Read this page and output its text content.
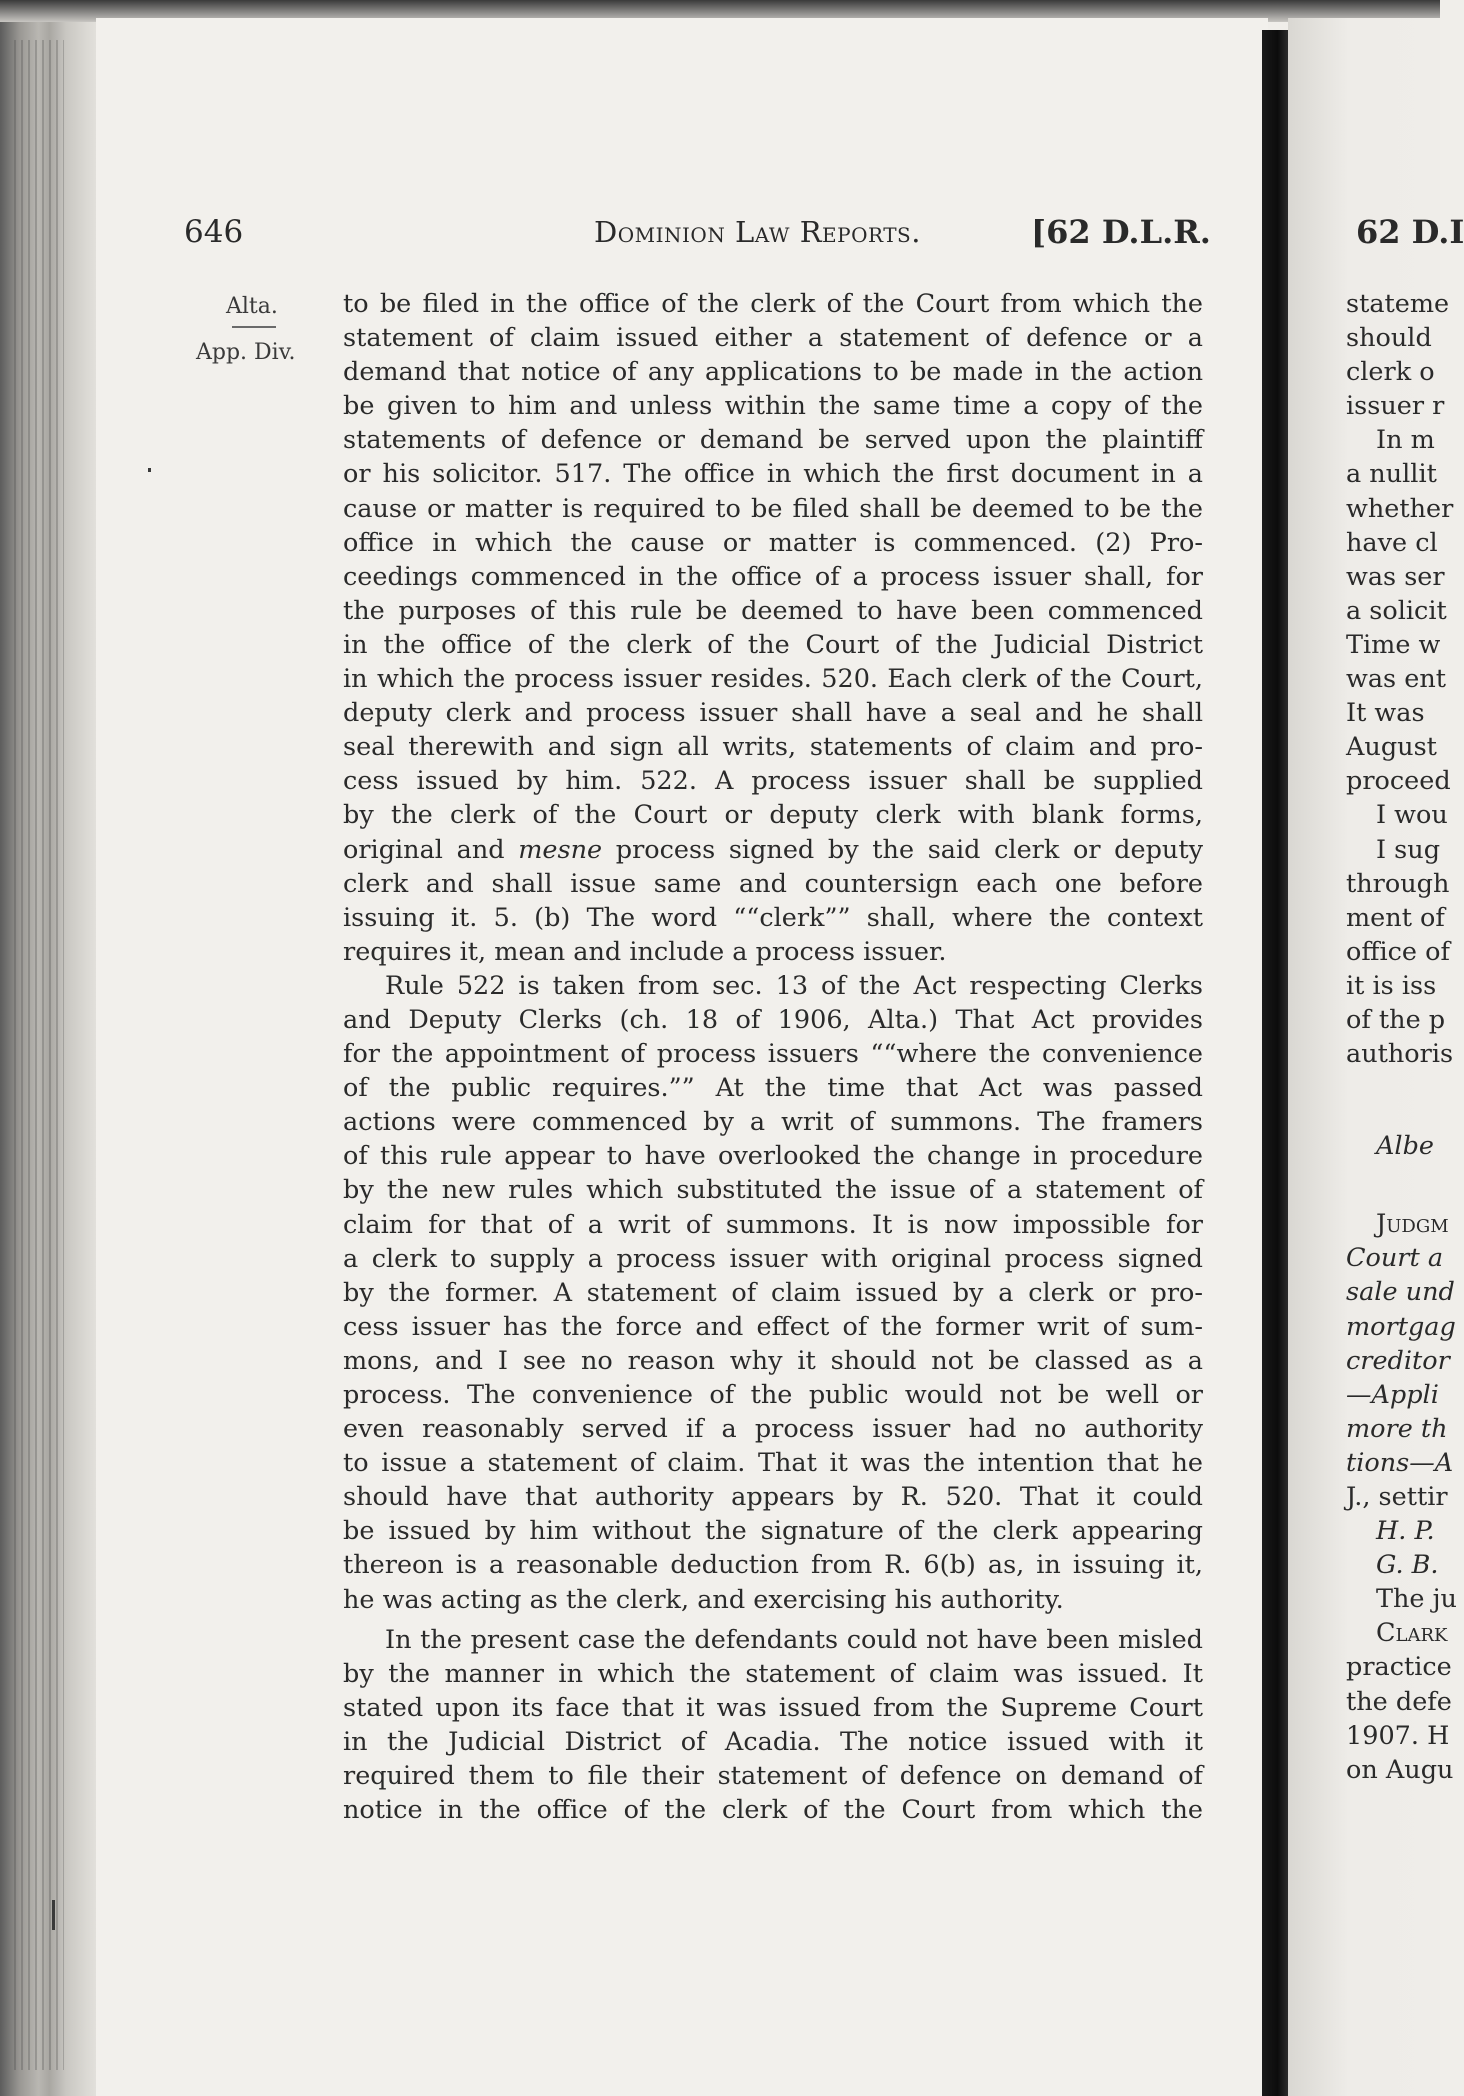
646	Dominion Law Reports.	[62 D.L.R.	62 D.I
Alta.
App. Div.
to be filed in the office of the clerk of the Court from which the
statement of claim issued either a statement of defence or a
demand that notice of any applications to be made in the action
be given to him and unless within the same time a copy of the
statements of defence or demand be served upon the plaintiff
or his solicitor. 517. The office in which the first document in a
cause or matter is required to be filed shall be deemed to be the
office in which the cause or matter is commenced. (2) Pro-
ceedings commenced in the office of a process issuer shall, for
the purposes of this rule be deemed to have been commenced
in the office of the clerk of the Court of the Judicial District
in which the process issuer resides. 520. Each clerk of the Court,
deputy clerk and process issuer shall have a seal and he shall
seal therewith and sign all writs, statements of claim and pro-
cess issued by him. 522. A process issuer shall be supplied
by the clerk of the Court or deputy clerk with blank forms,
original and mesne process signed by the said clerk or deputy
clerk and shall issue same and countersign each one before
issuing it. 5. (b) The word ““clerk”” shall, where the context
requires it, mean and include a process issuer.
Rule 522 is taken from sec. 13 of the Act respecting Clerks
and Deputy Clerks (ch. 18 of 1906, Alta.) That Act provides
for the appointment of process issuers ““where the convenience
of the public requires.”” At the time that Act was passed
actions were commenced by a writ of summons. The framers
of this rule appear to have overlooked the change in procedure
by the new rules which substituted the issue of a statement of
claim for that of a writ of summons. It is now impossible for
a clerk to supply a process issuer with original process signed
by the former. A statement of claim issued by a clerk or pro-
cess issuer has the force and effect of the former writ of sum-
mons, and I see no reason why it should not be classed as a
process. The convenience of the public would not be well or
even reasonably served if a process issuer had no authority
to issue a statement of claim. That it was the intention that he
should have that authority appears by R. 520. That it could
be issued by him without the signature of the clerk appearing
thereon is a reasonable deduction from R. 6(b) as, in issuing it,
he was acting as the clerk, and exercising his authority.
In the present case the defendants could not have been misled
by the manner in which the statement of claim was issued. It
stated upon its face that it was issued from the Supreme Court
in the Judicial District of Acadia. The notice issued with it
required them to file their statement of defence on demand of
notice in the office of the clerk of the Court from which the
stateme
should
clerk o
issuer r
In m
a nullit
whether
have cl
was ser
a solicit
Time w
was ent
It was
August
proceed
I wou
I sug
through
ment of
office of
it is iss
of the p
authoris
Albe
Judgm
Court a
sale und
mortgag
creditor
—Appli
more th
tions—A
J., settir
H. P.
G. B.
The ju
Clark
practice
the defe
1907. H
on Augu
